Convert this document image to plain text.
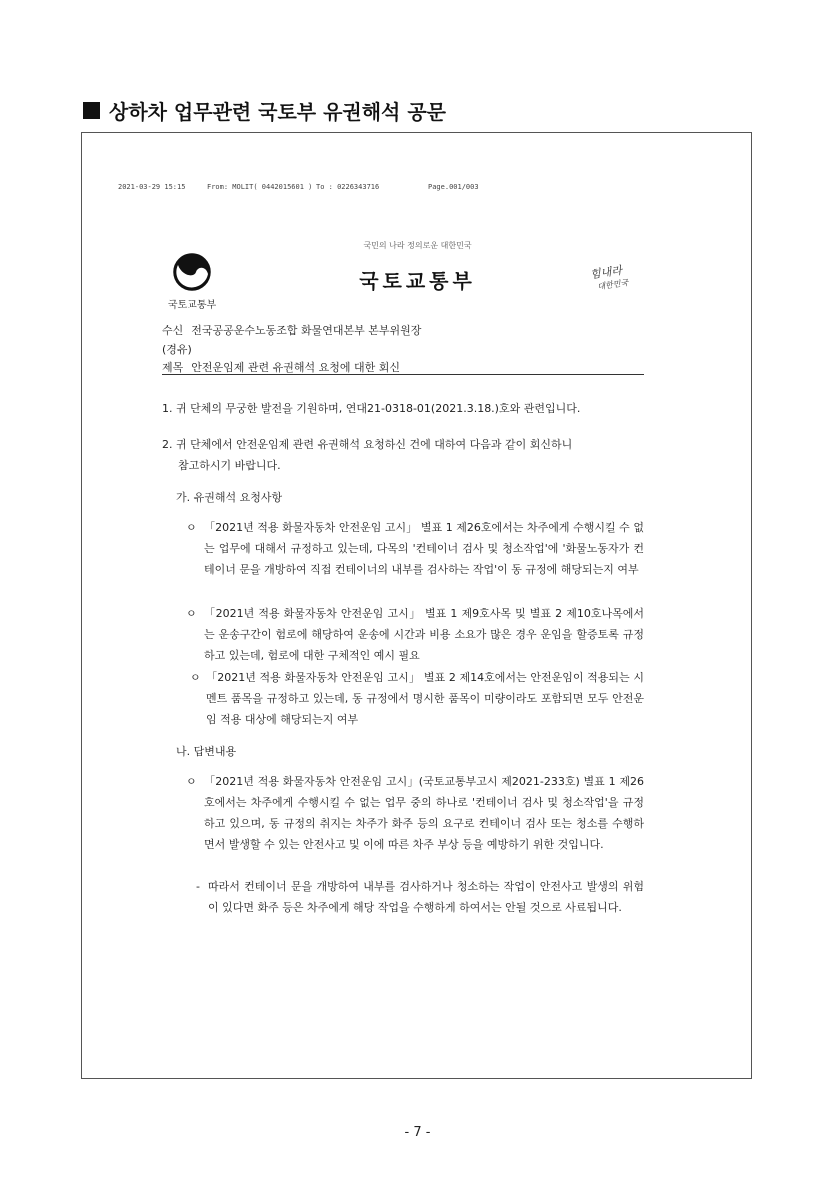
상하차 업무관련 국토부 유권해석 공문
2021-03-29 15:15	From: MOLIT( 0442015601 ) To : 0226343716	Page.001/003
국민의 나라 정의로운 대한민국
국토교통부
국토교통부	힘내라
대한민국
수신 전국공공운수노동조합 화물연대본부 본부위원장
(경유)
제목 안전운임제 관련 유권해석 요청에 대한 회신
1. 귀 단체의 무궁한 발전을 기원하며, 연대21-0318-01(2021.3.18.)호와 관련입니다.
2. 귀 단체에서 안전운임제 관련 유권해석 요청하신 건에 대하여 다음과 같이 회신하니
참고하시기 바랍니다.
가. 유권해석 요청사항
ㅇ 「2021년 적용 화물자동차 안전운임 고시」 별표 1 제26호에서는 차주에게 수행시킬 수 없는 업무에 대해서 규정하고 있는데, 다목의 '컨테이너 검사 및 청소작업'에 '화물노동자가 컨테이너 문을 개방하여 직접 컨테이너의 내부를 검사하는 작업'이 동 규정에 해당되는지 여부
ㅇ 「2021년 적용 화물자동차 안전운임 고시」 별표 1 제9호사목 및 별표 2 제10호나목에서는 운송구간이 험로에 해당하여 운송에 시간과 비용 소요가 많은 경우 운임을 할증토록 규정하고 있는데, 험로에 대한 구체적인 예시 필요
ㅇ 「2021년 적용 화물자동차 안전운임 고시」 별표 2 제14호에서는 안전운임이 적용되는 시멘트 품목을 규정하고 있는데, 동 규정에서 명시한 품목이 미량이라도 포함되면 모두 안전운임 적용 대상에 해당되는지 여부
나. 답변내용
ㅇ 「2021년 적용 화물자동차 안전운임 고시」(국토교통부고시 제2021-233호) 별표 1 제26호에서는 차주에게 수행시킬 수 없는 업무 중의 하나로 '컨테이너 검사 및 청소작업'을 규정하고 있으며, 동 규정의 취지는 차주가 화주 등의 요구로 컨테이너 검사 또는 청소를 수행하면서 발생할 수 있는 안전사고 및 이에 따른 차주 부상 등을 예방하기 위한 것입니다.
- 따라서 컨테이너 문을 개방하여 내부를 검사하거나 청소하는 작업이 안전사고 발생의 위험이 있다면 화주 등은 차주에게 해당 작업을 수행하게 하여서는 안될 것으로 사료됩니다.
- 7 -
